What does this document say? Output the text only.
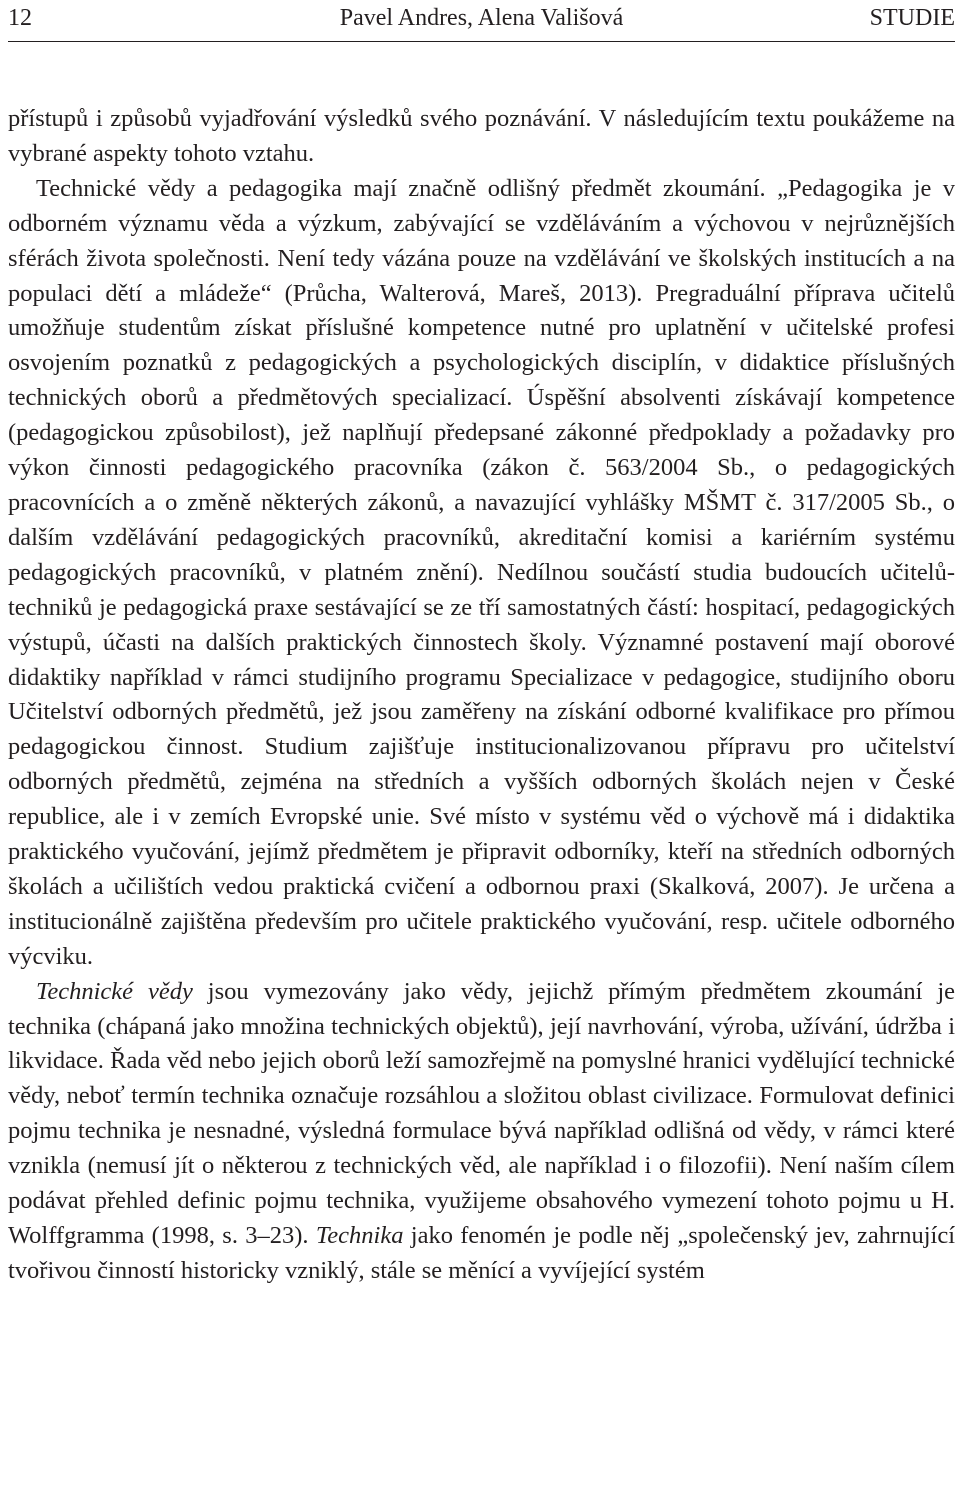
12	Pavel Andres, Alena Vališová	STUDIE

přístupů i způsobů vyjadřování výsledků svého poznávání. V následujícím textu poukážeme na vybrané aspekty tohoto vztahu.

Technické vědy a pedagogika mají značně odlišný předmět zkoumání. „Pedagogika je v odborném významu věda a výzkum, zabývající se vzděláváním a výchovou v nejrůznějších sférách života společnosti. Není tedy vázána pouze na vzdělávání ve školských institucích a na populaci dětí a mládeže“ (Průcha, Walterová, Mareš, 2013). Pregraduální příprava učitelů umožňuje studentům získat příslušné kompetence nutné pro uplatnění v učitelské profesi osvojením poznatků z pedagogických a psychologických disciplín, v didaktice příslušných technických oborů a předmětových specializací. Úspěšní absolventi získávají kompetence (pedagogickou způsobilost), jež naplňují předepsané zákonné předpoklady a požadavky pro výkon činnosti pedagogického pracovníka (zákon č. 563/2004 Sb., o pedagogických pracovnících a o změně některých zákonů, a navazující vyhlášky MŠMT č. 317/2005 Sb., o dalším vzdělávání pedagogických pracovníků, akreditační komisi a kariérním systému pedagogických pracovníků, v platném znění). Nedílnou součástí studia budoucích učitelů-techniků je pedagogická praxe sestávající se ze tří samostatných částí: hospitací, pedagogických výstupů, účasti na dalších praktických činnostech školy. Významné postavení mají oborové didaktiky například v rámci studijního programu Specializace v pedagogice, studijního oboru Učitelství odborných předmětů, jež jsou zaměřeny na získání odborné kvalifikace pro přímou pedagogickou činnost. Studium zajišťuje institucionalizovanou přípravu pro učitelství odborných předmětů, zejména na středních a vyšších odborných školách nejen v České republice, ale i v zemích Evropské unie. Své místo v systému věd o výchově má i didaktika praktického vyučování, jejímž předmětem je připravit odborníky, kteří na středních odborných školách a učilištích vedou praktická cvičení a odbornou praxi (Skalková, 2007). Je určena a institucionálně zajištěna především pro učitele praktického vyučování, resp. učitele odborného výcviku.

Technické vědy jsou vymezovány jako vědy, jejichž přímým předmětem zkoumání je technika (chápaná jako množina technických objektů), její navrhování, výroba, užívání, údržba i likvidace. Řada věd nebo jejich oborů leží samozřejmě na pomyslné hranici vydělující technické vědy, neboť termín technika označuje rozsáhlou a složitou oblast civilizace. Formulovat definici pojmu technika je nesnadné, výsledná formulace bývá například odlišná od vědy, v rámci které vznikla (nemusí jít o některou z technických věd, ale například i o filozofii). Není naším cílem podávat přehled definic pojmu technika, využijeme obsahového vymezení tohoto pojmu u H. Wolffgramma (1998, s. 3–23). Technika jako fenomén je podle něj „společenský jev, zahrnující tvořivou činností historicky vzniklý, stále se měnící a vyvíjející systém
